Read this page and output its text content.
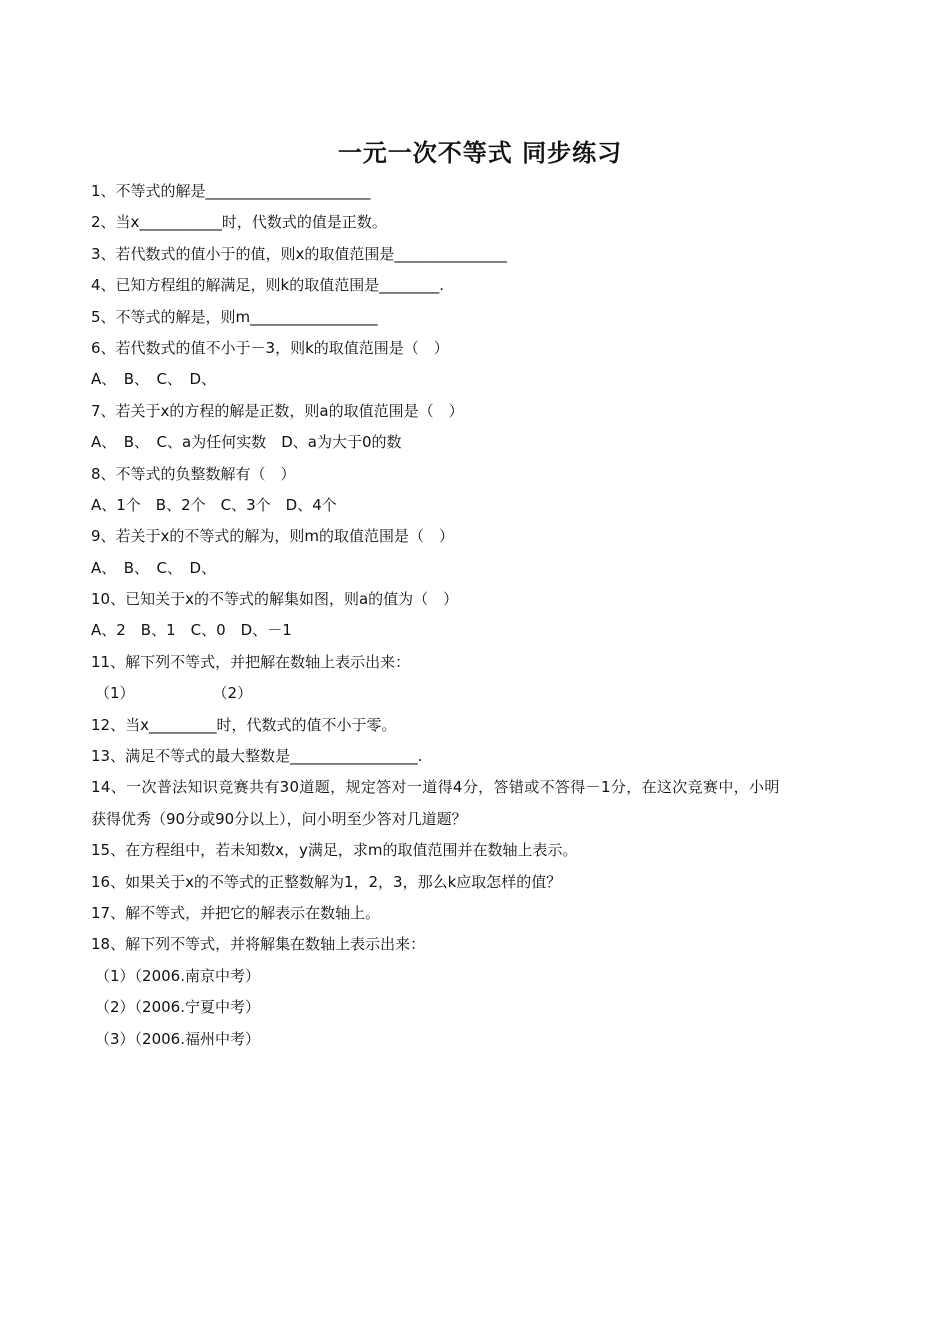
一元一次不等式 同步练习
1、不等式的解是______________________
2、当x___________时，代数式的值是正数。
3、若代数式的值小于的值，则x的取值范围是_______________
4、已知方程组的解满足，则k的取值范围是________.
5、不等式的解是，则m_________________
6、若代数式的值不小于－3，则k的取值范围是（　）
A、　B、　C、　D、
7、若关于x的方程的解是正数，则a的取值范围是（　）
A、　B、　C、a为任何实数　D、a为大于0的数
8、不等式的负整数解有（　）
A、1个　B、2个　C、3个　D、4个
9、若关于x的不等式的解为，则m的取值范围是（　）
A、　B、　C、　D、
10、已知关于x的不等式的解集如图，则a的值为（　）
A、2　B、1　C、0　D、－1
11、解下列不等式，并把解在数轴上表示出来：
（1）	（2）
12、当x_________时，代数式的值不小于零。
13、满足不等式的最大整数是_________________.
14、一次普法知识竞赛共有30道题，规定答对一道得4分，答错或不答得－1分，在这次竞赛中，小明
获得优秀（90分或90分以上），问小明至少答对几道题？
15、在方程组中，若未知数x，y满足，求m的取值范围并在数轴上表示。
16、如果关于x的不等式的正整数解为1，2，3，那么k应取怎样的值？
17、解不等式，并把它的解表示在数轴上。
18、解下列不等式，并将解集在数轴上表示出来：
（1）（2006.南京中考）
（2）（2006.宁夏中考）
（3）（2006.福州中考）
